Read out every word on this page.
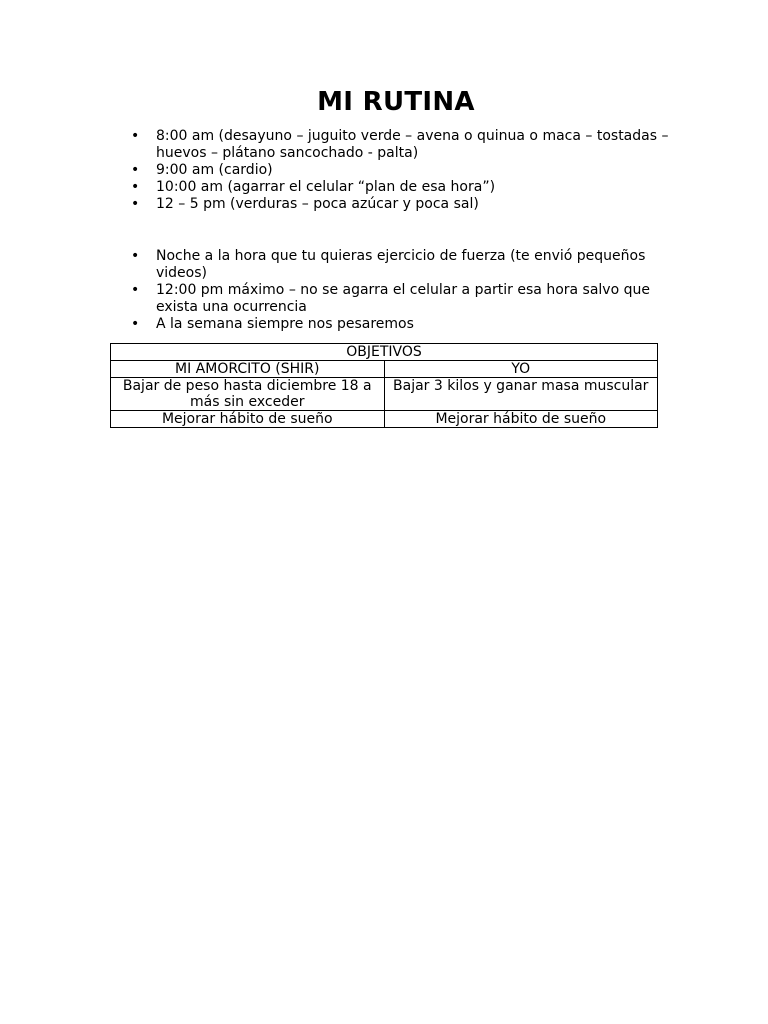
MI RUTINA
• 8:00 am (desayuno – juguito verde – avena o quinua o maca – tostadas – huevos – plátano sancochado - palta)
• 9:00 am (cardio)
• 10:00 am (agarrar el celular “plan de esa hora”)
• 12 – 5 pm (verduras – poca azúcar y poca sal)
• Noche a la hora que tu quieras ejercicio de fuerza (te envió pequeños videos)
• 12:00 pm máximo – no se agarra el celular a partir esa hora salvo que exista una ocurrencia
• A la semana siempre nos pesaremos
OBJETIVOS	
MI AMORCITO (SHIR)	YO
Bajar de peso hasta diciembre 18 a más sin exceder	Bajar 3 kilos y ganar masa muscular
Mejorar hábito de sueño	Mejorar hábito de sueño
